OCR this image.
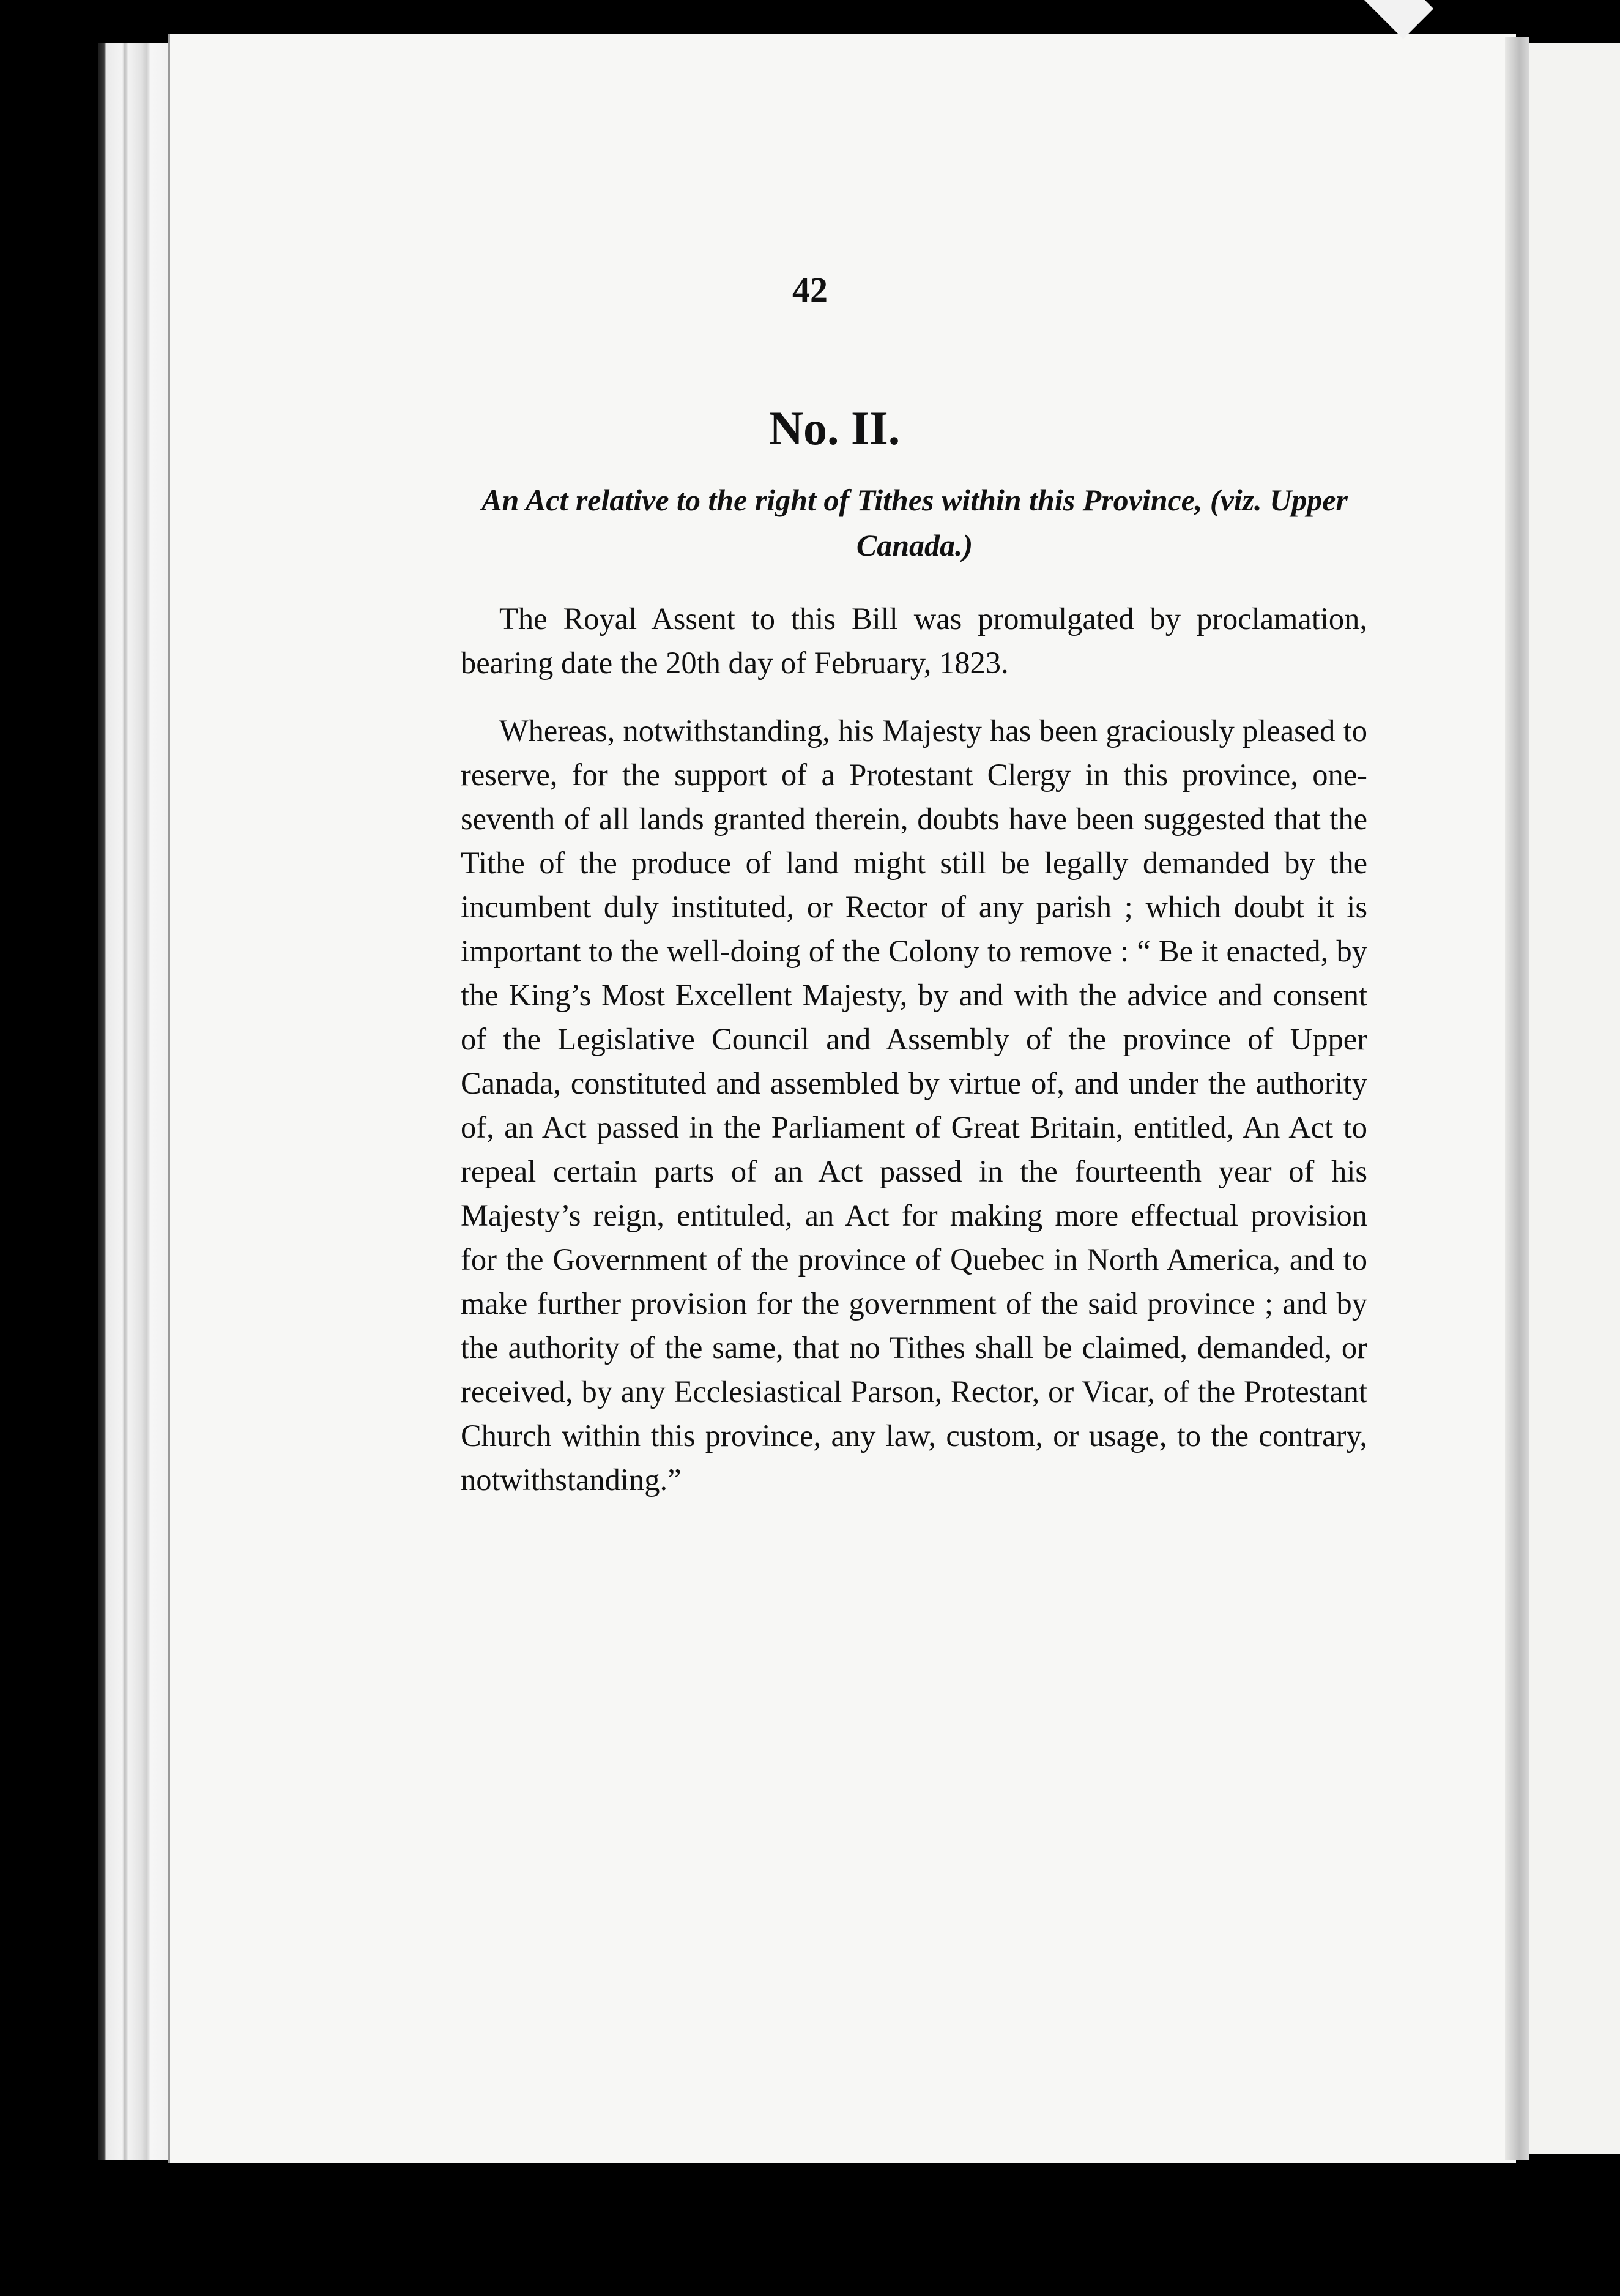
42
No. II.
An Act relative to the right of Tithes within this Province, (viz. Upper Canada.)
The Royal Assent to this Bill was promulgated by proclamation, bearing date the 20th day of February, 1823.
Whereas, notwithstanding, his Majesty has been graciously pleased to reserve, for the support of a Protestant Clergy in this province, one-seventh of all lands granted therein, doubts have been suggested that the Tithe of the produce of land might still be legally demanded by the incumbent duly instituted, or Rector of any parish ; which doubt it is important to the well-doing of the Colony to remove : “ Be it enacted, by the King’s Most Excellent Majesty, by and with the advice and consent of the Legislative Council and Assembly of the province of Upper Canada, constituted and assembled by virtue of, and under the authority of, an Act passed in the Parliament of Great Britain, entitled, An Act to repeal certain parts of an Act passed in the fourteenth year of his Majesty’s reign, entituled, an Act for making more effectual provision for the Government of the province of Quebec in North America, and to make further provision for the government of the said province ; and by the authority of the same, that no Tithes shall be claimed, demanded, or received, by any Ecclesiastical Parson, Rector, or Vicar, of the Protestant Church within this province, any law, custom, or usage, to the contrary, notwithstanding.”
